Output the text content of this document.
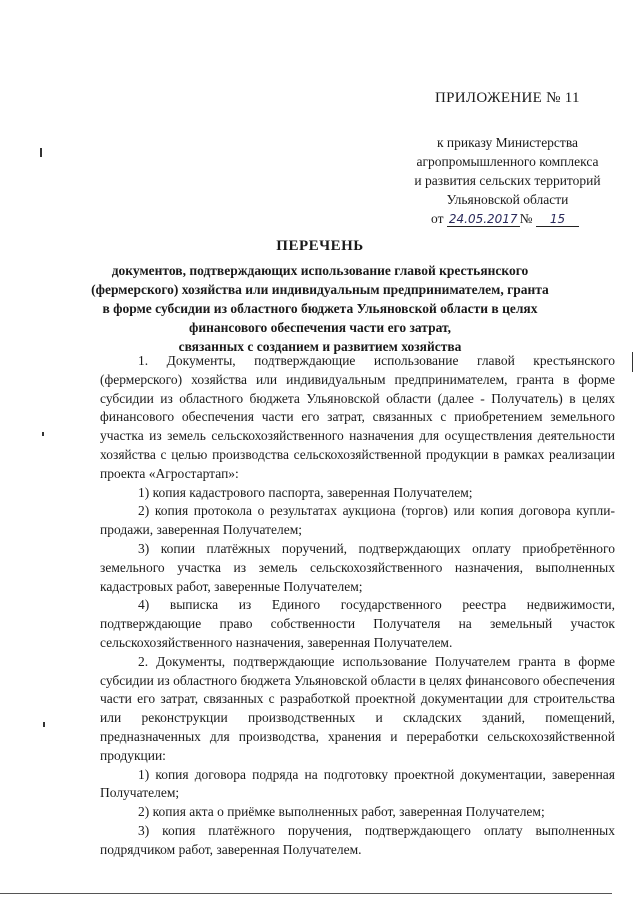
ПРИЛОЖЕНИЕ № 11

к приказу Министерства

агропромышленного комплекса

и развития сельских территорий

Ульяновской области

от 24.05.2017 № 15

ПЕРЕЧЕНЬ

документов, подтверждающих использование главой крестьянского

(фермерского) хозяйства или индивидуальным предпринимателем, гранта

в форме субсидии из областного бюджета Ульяновской области в целях

финансового обеспечения части его затрат,

связанных с созданием и развитием хозяйства

1. Документы, подтверждающие использование главой крестьянского (фермерского) хозяйства или индивидуальным предпринимателем, гранта в форме субсидии из областного бюджета Ульяновской области (далее - Получатель) в целях финансового обеспечения части его затрат, связанных с приобретением земельного участка из земель сельскохозяйственного назначения для осуществления деятельности хозяйства с целью производства сельскохозяйственной продукции в рамках реализации проекта «Агростартап»:

1) копия кадастрового паспорта, заверенная Получателем;

2) копия протокола о результатах аукциона (торгов) или копия договора купли-продажи, заверенная Получателем;

3) копии платёжных поручений, подтверждающих оплату приобретённого земельного участка из земель сельскохозяйственного назначения, выполненных кадастровых работ, заверенные Получателем;

4) выписка из Единого государственного реестра недвижимости, подтверждающие право собственности Получателя на земельный участок сельскохозяйственного назначения, заверенная Получателем.

2. Документы, подтверждающие использование Получателем гранта в форме субсидии из областного бюджета Ульяновской области в целях финансового обеспечения части его затрат, связанных с разработкой проектной документации для строительства или реконструкции производственных и складских зданий, помещений, предназначенных для производства, хранения и переработки сельскохозяйственной продукции:

1) копия договора подряда на подготовку проектной документации, заверенная Получателем;

2) копия акта о приёмке выполненных работ, заверенная Получателем;

3) копия платёжного поручения, подтверждающего оплату выполненных подрядчиком работ, заверенная Получателем.
